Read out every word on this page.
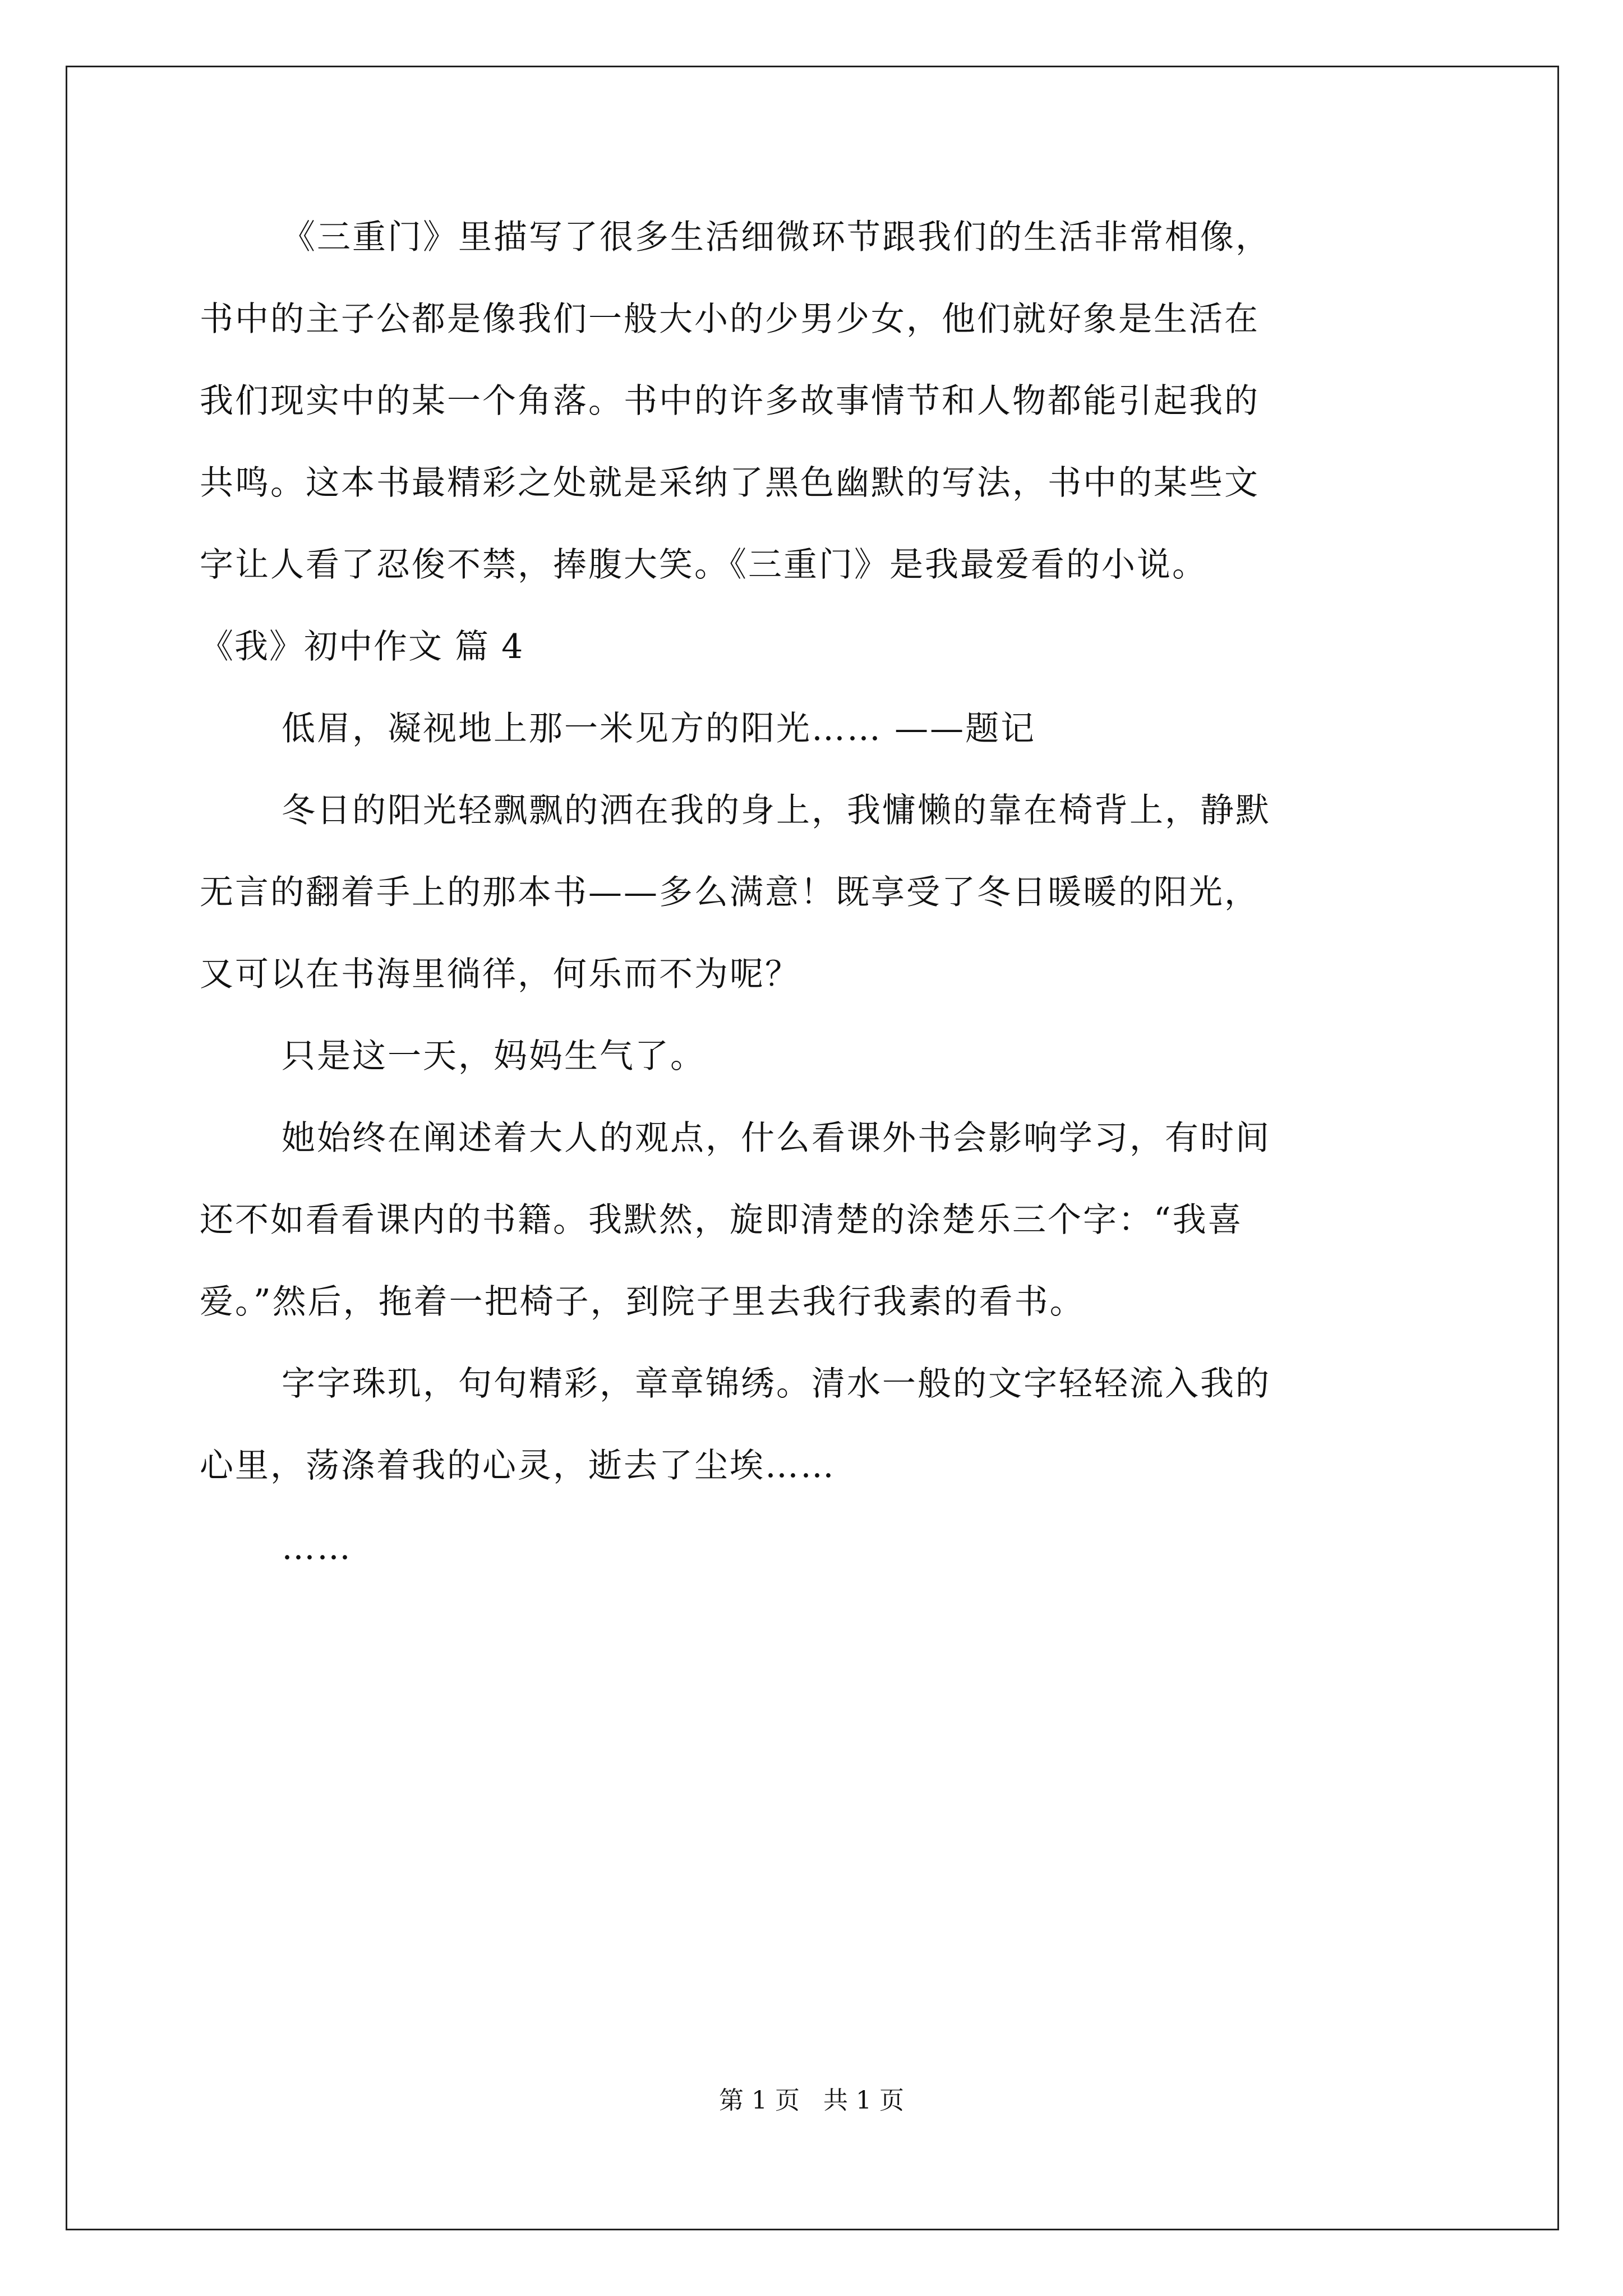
《三重门》里描写了很多生活细微环节跟我们的生活非常相像，
书中的主子公都是像我们一般大小的少男少女，他们就好象是生活在
我们现实中的某一个角落。书中的许多故事情节和人物都能引起我的
共鸣。这本书最精彩之处就是采纳了黑色幽默的写法，书中的某些文
字让人看了忍俊不禁，捧腹大笑。《三重门》是我最爱看的小说。
《我》初中作文 篇 4
低眉，凝视地上那一米见方的阳光…… ——题记
冬日的阳光轻飘飘的洒在我的身上，我慵懒的靠在椅背上，静默
无言的翻着手上的那本书——多么满意！既享受了冬日暖暖的阳光，
又可以在书海里徜徉，何乐而不为呢？
只是这一天，妈妈生气了。
她始终在阐述着大人的观点，什么看课外书会影响学习，有时间
还不如看看课内的书籍。我默然，旋即清楚的涂楚乐三个字：“我喜
爱。”然后，拖着一把椅子，到院子里去我行我素的看书。
字字珠玑，句句精彩，章章锦绣。清水一般的文字轻轻流入我的
心里，荡涤着我的心灵，逝去了尘埃……
……
第 1 页   共 1 页
